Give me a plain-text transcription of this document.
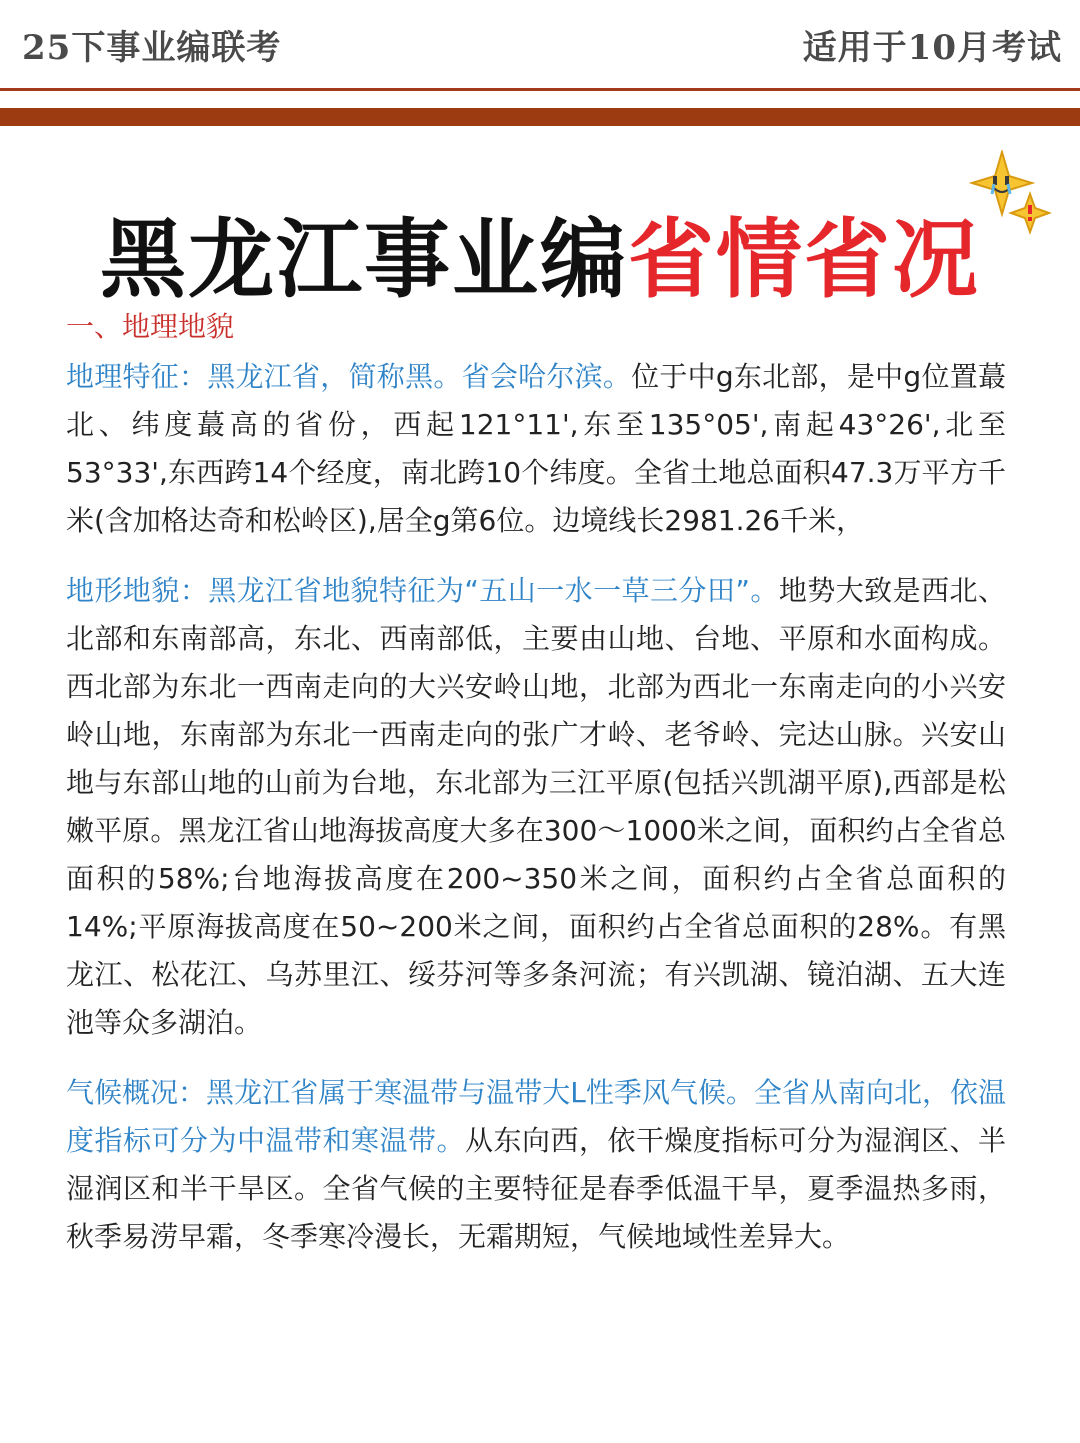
25下事业编联考	适用于10月考试
黑龙江事业编省情省况
一、地理地貌

地理特征：黑龙江省，简称黑。省会哈尔滨。位于中g东北部，是中g位置蕞北、纬度蕞高的省份，西起121°11',东至135°05',南起43°26',北至53°33',东西跨14个经度，南北跨10个纬度。全省土地总面积47.3万平方千米(含加格达奇和松岭区),居全g第6位。边境线长2981.26千米，

地形地貌：黑龙江省地貌特征为“五山一水一草三分田”。地势大致是西北、北部和东南部高，东北、西南部低，主要由山地、台地、平原和水面构成。西北部为东北一西南走向的大兴安岭山地，北部为西北一东南走向的小兴安岭山地，东南部为东北一西南走向的张广才岭、老爷岭、完达山脉。兴安山地与东部山地的山前为台地，东北部为三江平原(包括兴凯湖平原),西部是松嫩平原。黑龙江省山地海拔高度大多在300～1000米之间，面积约占全省总面积的58%;台地海拔高度在200~350米之间，面积约占全省总面积的14%;平原海拔高度在50~200米之间，面积约占全省总面积的28%。有黑龙江、松花江、乌苏里江、绥芬河等多条河流；有兴凯湖、镜泊湖、五大连池等众多湖泊。

气候概况：黑龙江省属于寒温带与温带大L性季风气候。全省从南向北，依温度指标可分为中温带和寒温带。从东向西，依干燥度指标可分为湿润区、半湿润区和半干旱区。全省气候的主要特征是春季低温干旱，夏季温热多雨，秋季易涝早霜，冬季寒冷漫长，无霜期短，气候地域性差异大。
